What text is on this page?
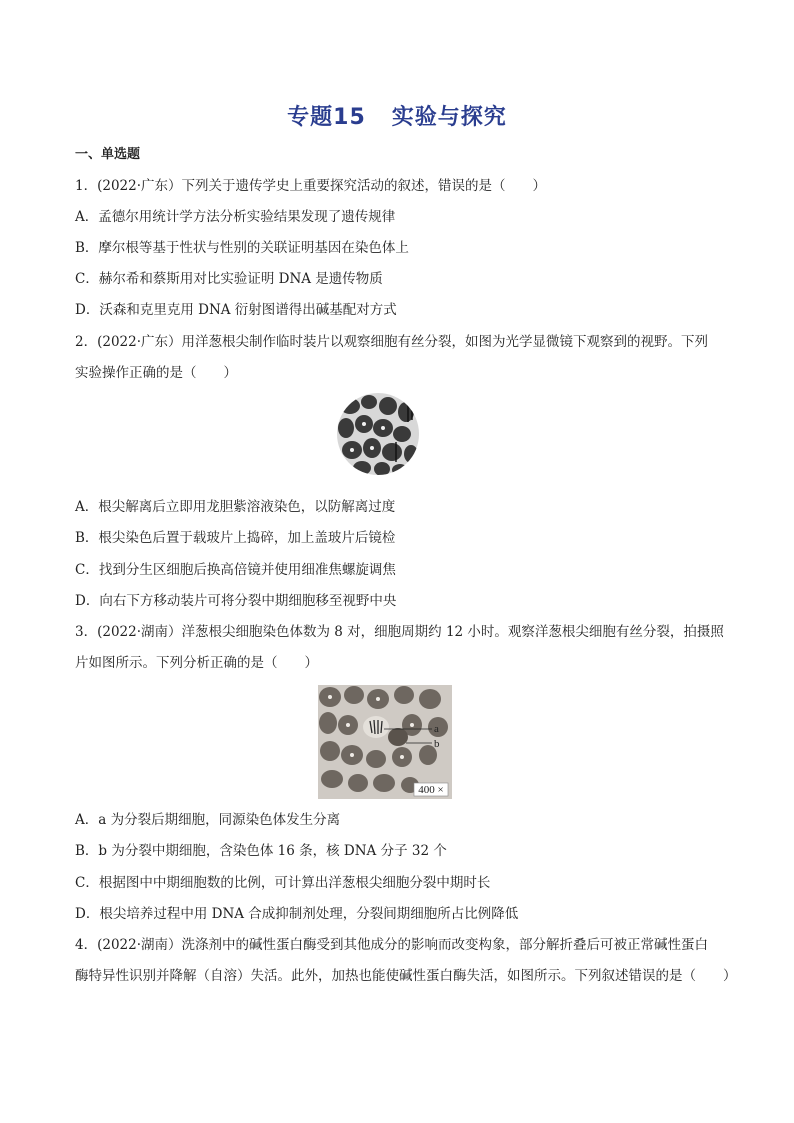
专题15 实验与探究
一、单选题
1．(2022·广东）下列关于遗传学史上重要探究活动的叙述，错误的是（　　）
A．孟德尔用统计学方法分析实验结果发现了遗传规律
B．摩尔根等基于性状与性别的关联证明基因在染色体上
C．赫尔希和蔡斯用对比实验证明 DNA 是遗传物质
D．沃森和克里克用 DNA 衍射图谱得出碱基配对方式
2．(2022·广东）用洋葱根尖制作临时装片以观察细胞有丝分裂，如图为光学显微镜下观察到的视野。下列
实验操作正确的是（　　）
A．根尖解离后立即用龙胆紫溶液染色，以防解离过度
B．根尖染色后置于载玻片上捣碎，加上盖玻片后镜检
C．找到分生区细胞后换高倍镜并使用细准焦螺旋调焦
D．向右下方移动装片可将分裂中期细胞移至视野中央
3．(2022·湖南）洋葱根尖细胞染色体数为 8 对，细胞周期约 12 小时。观察洋葱根尖细胞有丝分裂，拍摄照
片如图所示。下列分析正确的是（　　）
a
b
400 ×
A．a 为分裂后期细胞，同源染色体发生分离
B．b 为分裂中期细胞，含染色体 16 条，核 DNA 分子 32 个
C．根据图中中期细胞数的比例，可计算出洋葱根尖细胞分裂中期时长
D．根尖培养过程中用 DNA 合成抑制剂处理，分裂间期细胞所占比例降低
4．(2022·湖南）洗涤剂中的碱性蛋白酶受到其他成分的影响而改变构象，部分解折叠后可被正常碱性蛋白
酶特异性识别并降解（自溶）失活。此外，加热也能使碱性蛋白酶失活，如图所示。下列叙述错误的是（　　）
